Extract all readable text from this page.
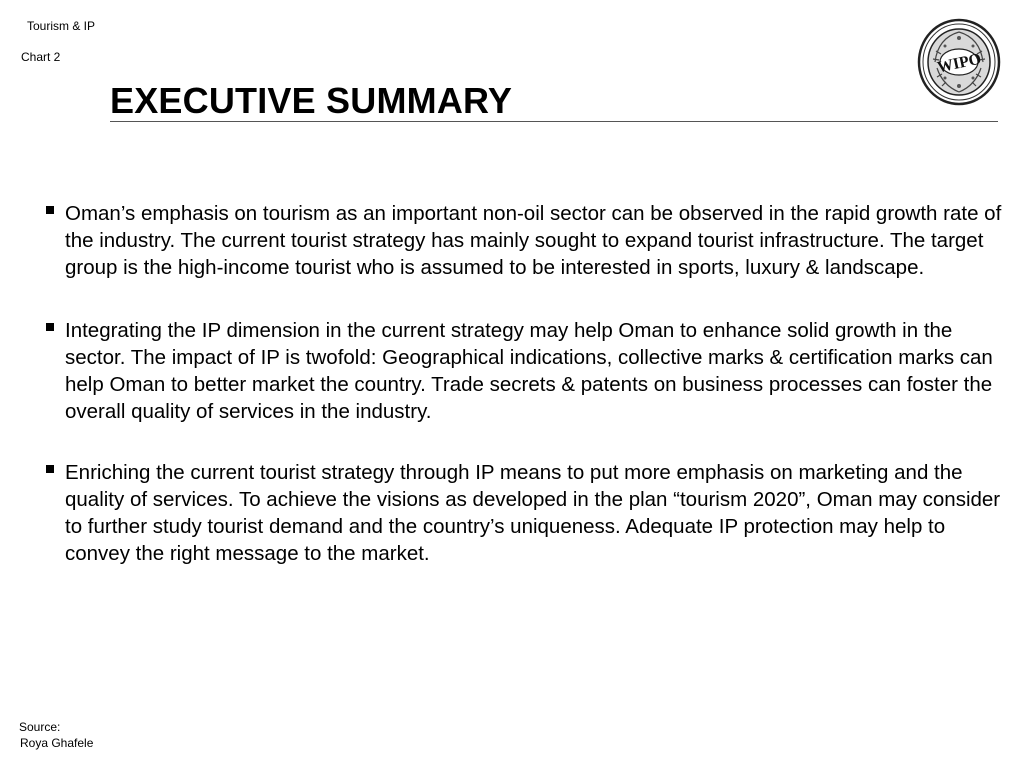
Tourism & IP
Chart 2
EXECUTIVE SUMMARY
WIPO
Oman’s emphasis on tourism as an important non-oil sector can be observed in the rapid growth rate of the industry. The current tourist strategy has mainly sought to expand tourist infrastructure. The target group is the high-income tourist who is assumed to be interested in sports, luxury & landscape.
Integrating the IP dimension in the current strategy may help Oman to enhance solid growth in the sector. The impact of IP is twofold: Geographical indications, collective marks & certification marks can help Oman to better market the country. Trade secrets & patents on business processes can foster the overall quality of services in the industry.
Enriching the current tourist strategy through IP means to put more emphasis on marketing and the quality of services. To achieve the visions as developed in the plan “tourism 2020”, Oman may consider to further study tourist demand and the country’s uniqueness. Adequate IP protection may help to convey the right message to the market.
Source:
Roya Ghafele
